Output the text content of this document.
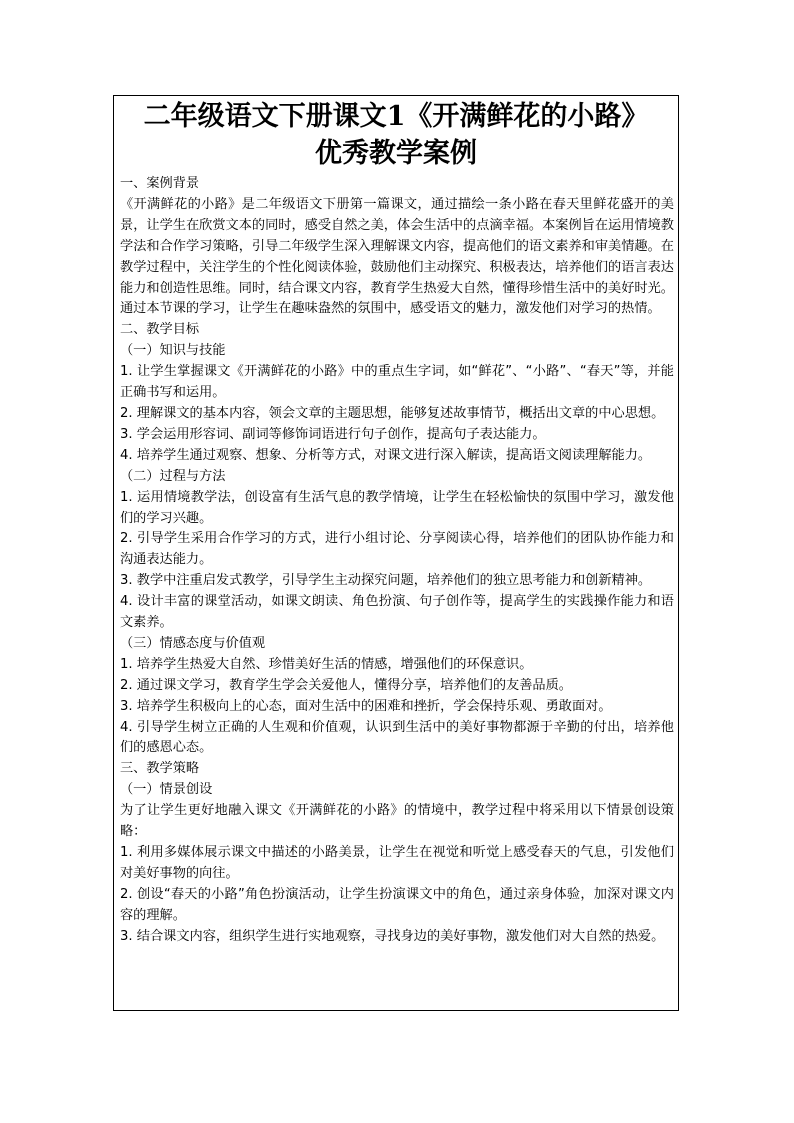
二年级语文下册课文1《开满鲜花的小路》
优秀教学案例

一、案例背景

《开满鲜花的小路》是二年级语文下册第一篇课文，通过描绘一条小路在春天里鲜花盛开的美景，让学生在欣赏文本的同时，感受自然之美，体会生活中的点滴幸福。本案例旨在运用情境教学法和合作学习策略，引导二年级学生深入理解课文内容，提高他们的语文素养和审美情趣。在教学过程中，关注学生的个性化阅读体验，鼓励他们主动探究、积极表达，培养他们的语言表达能力和创造性思维。同时，结合课文内容，教育学生热爱大自然，懂得珍惜生活中的美好时光。通过本节课的学习，让学生在趣味盎然的氛围中，感受语文的魅力，激发他们对学习的热情。

二、教学目标

（一）知识与技能

1. 让学生掌握课文《开满鲜花的小路》中的重点生字词，如“鲜花”、“小路”、“春天”等，并能正确书写和运用。

2. 理解课文的基本内容，领会文章的主题思想，能够复述故事情节，概括出文章的中心思想。

3. 学会运用形容词、副词等修饰词语进行句子创作，提高句子表达能力。

4. 培养学生通过观察、想象、分析等方式，对课文进行深入解读，提高语文阅读理解能力。

（二）过程与方法

1. 运用情境教学法，创设富有生活气息的教学情境，让学生在轻松愉快的氛围中学习，激发他们的学习兴趣。

2. 引导学生采用合作学习的方式，进行小组讨论、分享阅读心得，培养他们的团队协作能力和沟通表达能力。

3. 教学中注重启发式教学，引导学生主动探究问题，培养他们的独立思考能力和创新精神。

4. 设计丰富的课堂活动，如课文朗读、角色扮演、句子创作等，提高学生的实践操作能力和语文素养。

（三）情感态度与价值观

1. 培养学生热爱大自然、珍惜美好生活的情感，增强他们的环保意识。

2. 通过课文学习，教育学生学会关爱他人，懂得分享，培养他们的友善品质。

3. 培养学生积极向上的心态，面对生活中的困难和挫折，学会保持乐观、勇敢面对。

4. 引导学生树立正确的人生观和价值观，认识到生活中的美好事物都源于辛勤的付出，培养他们的感恩心态。

三、教学策略

（一）情景创设

为了让学生更好地融入课文《开满鲜花的小路》的情境中，教学过程中将采用以下情景创设策略：

1. 利用多媒体展示课文中描述的小路美景，让学生在视觉和听觉上感受春天的气息，引发他们对美好事物的向往。

2. 创设“春天的小路”角色扮演活动，让学生扮演课文中的角色，通过亲身体验，加深对课文内容的理解。

3. 结合课文内容，组织学生进行实地观察，寻找身边的美好事物，激发他们对大自然的热爱。
